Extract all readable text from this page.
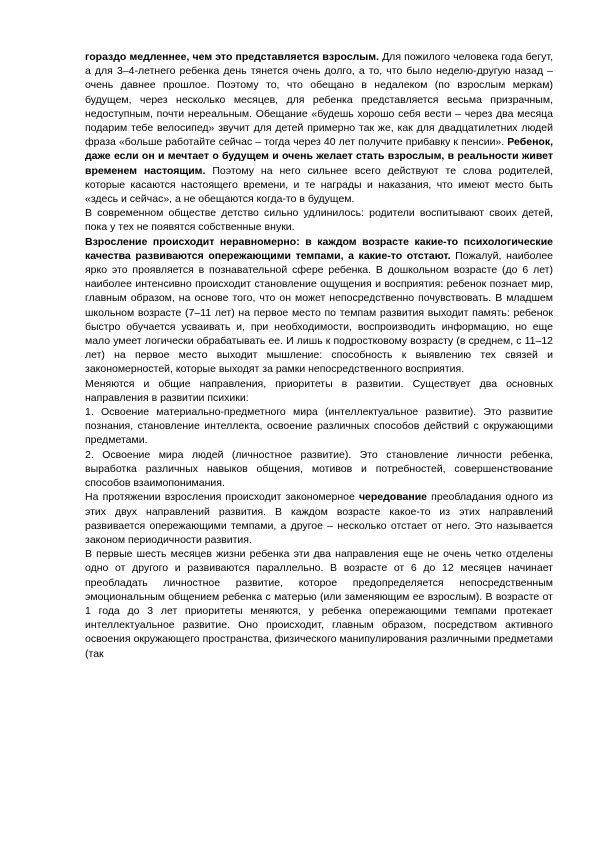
гораздо медленнее, чем это представляется взрослым. Для пожилого человека года бегут, а для 3–4-летнего ребенка день тянется очень долго, а то, что было неделю-другую назад – очень давнее прошлое. Поэтому то, что обещано в недалеком (по взрослым меркам) будущем, через несколько месяцев, для ребенка представляется весьма призрачным, недоступным, почти нереальным. Обещание «будешь хорошо себя вести – через два месяца подарим тебе велосипед» звучит для детей примерно так же, как для двадцатилетних людей фраза «больше работайте сейчас – тогда через 40 лет получите прибавку к пенсии». Ребенок, даже если он и мечтает о будущем и очень желает стать взрослым, в реальности живет временем настоящим. Поэтому на него сильнее всего действуют те слова родителей, которые касаются настоящего времени, и те награды и наказания, что имеют место быть «здесь и сейчас», а не обещаются когда-то в будущем.

В современном обществе детство сильно удлинилось: родители воспитывают своих детей, пока у тех не появятся собственные внуки.

Взросление происходит неравномерно: в каждом возрасте какие-то психологические качества развиваются опережающими темпами, а какие-то отстают. Пожалуй, наиболее ярко это проявляется в познавательной сфере ребенка. В дошкольном возрасте (до 6 лет) наиболее интенсивно происходит становление ощущения и восприятия: ребенок познает мир, главным образом, на основе того, что он может непосредственно почувствовать. В младшем школьном возрасте (7–11 лет) на первое место по темпам развития выходит память: ребенок быстро обучается усваивать и, при необходимости, воспроизводить информацию, но еще мало умеет логически обрабатывать ее. И лишь к подростковому возрасту (в среднем, с 11–12 лет) на первое место выходит мышление: способность к выявлению тех связей и закономерностей, которые выходят за рамки непосредственного восприятия.

Меняются и общие направления, приоритеты в развитии. Существует два основных направления в развитии психики:

1. Освоение материально-предметного мира (интеллектуальное развитие). Это развитие познания, становление интеллекта, освоение различных способов действий с окружающими предметами.

2. Освоение мира людей (личностное развитие). Это становление личности ребенка, выработка различных навыков общения, мотивов и потребностей, совершенствование способов взаимопонимания.

На протяжении взросления происходит закономерное чередование преобладания одного из этих двух направлений развития. В каждом возрасте какое-то из этих направлений развивается опережающими темпами, а другое – несколько отстает от него. Это называется законом периодичности развития.

В первые шесть месяцев жизни ребенка эти два направления еще не очень четко отделены одно от другого и развиваются параллельно. В возрасте от 6 до 12 месяцев начинает преобладать личностное развитие, которое предопределяется непосредственным эмоциональным общением ребенка с матерью (или заменяющим ее взрослым). В возрасте от 1 года до 3 лет приоритеты меняются, у ребенка опережающими темпами протекает интеллектуальное развитие. Оно происходит, главным образом, посредством активного освоения окружающего пространства, физического манипулирования различными предметами (так
